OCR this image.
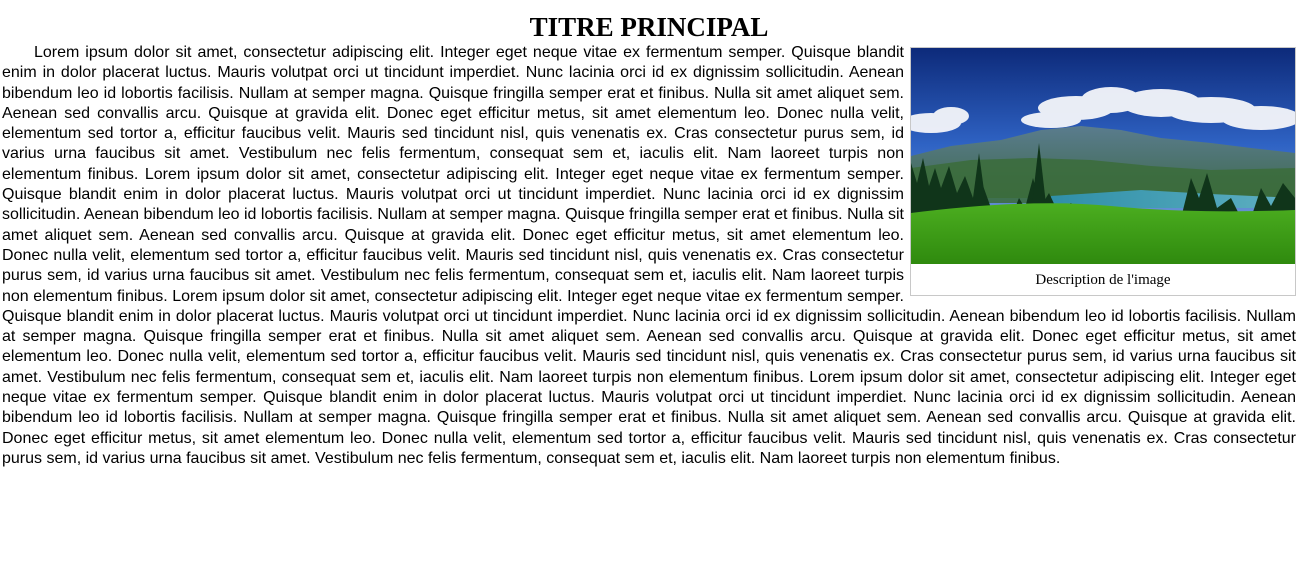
TITRE PRINCIPAL
Description de l'image

Lorem ipsum dolor sit amet, consectetur adipiscing elit. Integer eget neque vitae ex fermentum semper. Quisque blandit enim in dolor placerat luctus. Mauris volutpat orci ut tincidunt imperdiet. Nunc lacinia orci id ex dignissim sollicitudin. Aenean bibendum leo id lobortis facilisis. Nullam at semper magna. Quisque fringilla semper erat et finibus. Nulla sit amet aliquet sem. Aenean sed convallis arcu. Quisque at gravida elit. Donec eget efficitur metus, sit amet elementum leo. Donec nulla velit, elementum sed tortor a, efficitur faucibus velit. Mauris sed tincidunt nisl, quis venenatis ex. Cras consectetur purus sem, id varius urna faucibus sit amet. Vestibulum nec felis fermentum, consequat sem et, iaculis elit. Nam laoreet turpis non elementum finibus. Lorem ipsum dolor sit amet, consectetur adipiscing elit. Integer eget neque vitae ex fermentum semper. Quisque blandit enim in dolor placerat luctus. Mauris volutpat orci ut tincidunt imperdiet. Nunc lacinia orci id ex dignissim sollicitudin. Aenean bibendum leo id lobortis facilisis. Nullam at semper magna. Quisque fringilla semper erat et finibus. Nulla sit amet aliquet sem. Aenean sed convallis arcu. Quisque at gravida elit. Donec eget efficitur metus, sit amet elementum leo. Donec nulla velit, elementum sed tortor a, efficitur faucibus velit. Mauris sed tincidunt nisl, quis venenatis ex. Cras consectetur purus sem, id varius urna faucibus sit amet. Vestibulum nec felis fermentum, consequat sem et, iaculis elit. Nam laoreet turpis non elementum finibus. Lorem ipsum dolor sit amet, consectetur adipiscing elit. Integer eget neque vitae ex fermentum semper. Quisque blandit enim in dolor placerat luctus. Mauris volutpat orci ut tincidunt imperdiet. Nunc lacinia orci id ex dignissim sollicitudin. Aenean bibendum leo id lobortis facilisis. Nullam at semper magna. Quisque fringilla semper erat et finibus. Nulla sit amet aliquet sem. Aenean sed convallis arcu. Quisque at gravida elit. Donec eget efficitur metus, sit amet elementum leo. Donec nulla velit, elementum sed tortor a, efficitur faucibus velit. Mauris sed tincidunt nisl, quis venenatis ex. Cras consectetur purus sem, id varius urna faucibus sit amet. Vestibulum nec felis fermentum, consequat sem et, iaculis elit. Nam laoreet turpis non elementum finibus. Lorem ipsum dolor sit amet, consectetur adipiscing elit. Integer eget neque vitae ex fermentum semper. Quisque blandit enim in dolor placerat luctus. Mauris volutpat orci ut tincidunt imperdiet. Nunc lacinia orci id ex dignissim sollicitudin. Aenean bibendum leo id lobortis facilisis. Nullam at semper magna. Quisque fringilla semper erat et finibus. Nulla sit amet aliquet sem. Aenean sed convallis arcu. Quisque at gravida elit. Donec eget efficitur metus, sit amet elementum leo. Donec nulla velit, elementum sed tortor a, efficitur faucibus velit. Mauris sed tincidunt nisl, quis venenatis ex. Cras consectetur purus sem, id varius urna faucibus sit amet. Vestibulum nec felis fermentum, consequat sem et, iaculis elit. Nam laoreet turpis non elementum finibus.
